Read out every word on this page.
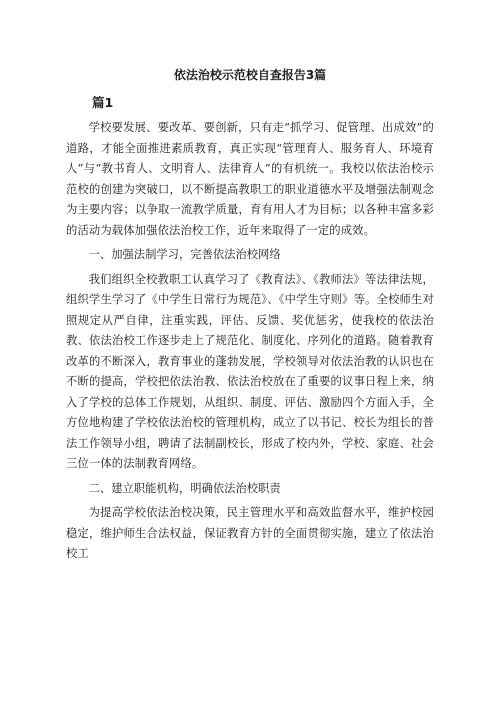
依法治校示范校自查报告3篇
篇1

学校要发展、要改革、要创新，只有走“抓学习、促管理、出成效”的道路，才能全面推进素质教育，真正实现“管理育人、服务育人、环境育人”与“教书育人、文明育人、法律育人”的有机统一。我校以依法治校示范校的创建为突破口，以不断提高教职工的职业道德水平及增强法制观念为主要内容；以争取一流教学质量，育有用人才为目标；以各种丰富多彩的活动为载体加强依法治校工作，近年来取得了一定的成效。

一、加强法制学习，完善依法治校网络

我们组织全校教职工认真学习了《教育法》、《教师法》等法律法规，组织学生学习了《中学生日常行为规范》、《中学生守则》等。全校师生对照规定从严自律，注重实践，评估、反馈、奖优惩劣，使我校的依法治教、依法治校工作逐步走上了规范化、制度化、序列化的道路。随着教育改革的不断深入，教育事业的蓬勃发展，学校领导对依法治教的认识也在不断的提高，学校把依法治教、依法治校放在了重要的议事日程上来，纳入了学校的总体工作规划，从组织、制度、评估、激励四个方面入手，全方位地构建了学校依法治校的管理机构，成立了以书记、校长为组长的普法工作领导小组，聘请了法制副校长，形成了校内外，学校、家庭、社会三位一体的法制教育网络。

二、建立职能机构，明确依法治校职责

为提高学校依法治校决策，民主管理水平和高效监督水平，维护校园稳定，维护师生合法权益，保证教育方针的全面贯彻实施，建立了依法治校工
